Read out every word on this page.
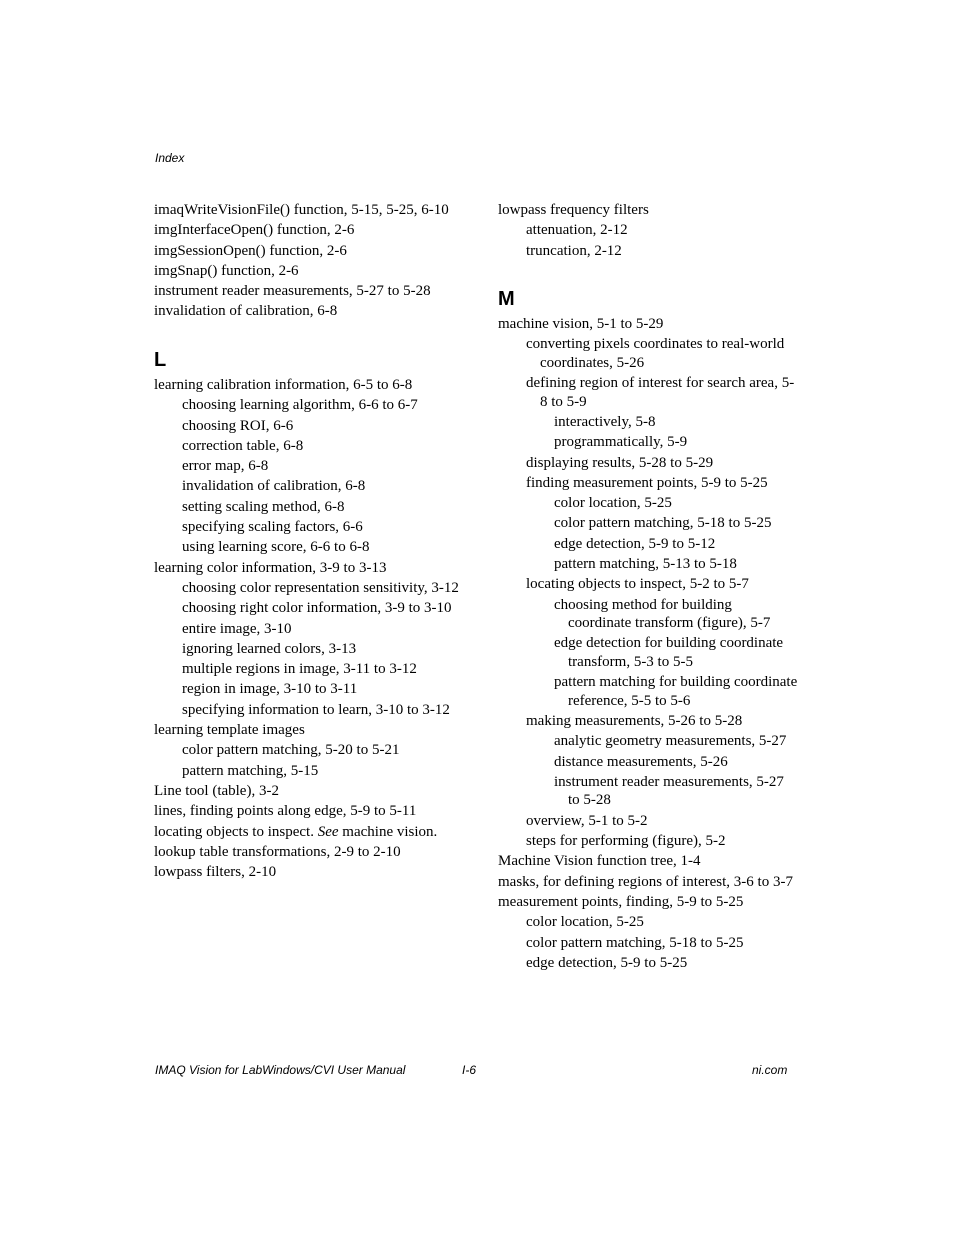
Index
imaqWriteVisionFile() function, 5-15, 5-25, 6-10
imgInterfaceOpen() function, 2-6
imgSessionOpen() function, 2-6
imgSnap() function, 2-6
instrument reader measurements, 5-27 to 5-28
invalidation of calibration, 6-8
L
learning calibration information, 6-5 to 6-8
choosing learning algorithm, 6-6 to 6-7
choosing ROI, 6-6
correction table, 6-8
error map, 6-8
invalidation of calibration, 6-8
setting scaling method, 6-8
specifying scaling factors, 6-6
using learning score, 6-6 to 6-8
learning color information, 3-9 to 3-13
choosing color representation sensitivity, 3-12
choosing right color information, 3-9 to 3-10
entire image, 3-10
ignoring learned colors, 3-13
multiple regions in image, 3-11 to 3-12
region in image, 3-10 to 3-11
specifying information to learn, 3-10 to 3-12
learning template images
color pattern matching, 5-20 to 5-21
pattern matching, 5-15
Line tool (table), 3-2
lines, finding points along edge, 5-9 to 5-11
locating objects to inspect. See machine vision.
lookup table transformations, 2-9 to 2-10
lowpass filters, 2-10
lowpass frequency filters
attenuation, 2-12
truncation, 2-12
M
machine vision, 5-1 to 5-29
converting pixels coordinates to real-world coordinates, 5-26
defining region of interest for search area, 5-8 to 5-9
interactively, 5-8
programmatically, 5-9
displaying results, 5-28 to 5-29
finding measurement points, 5-9 to 5-25
color location, 5-25
color pattern matching, 5-18 to 5-25
edge detection, 5-9 to 5-12
pattern matching, 5-13 to 5-18
locating objects to inspect, 5-2 to 5-7
choosing method for building coordinate transform (figure), 5-7
edge detection for building coordinate transform, 5-3 to 5-5
pattern matching for building coordinate reference, 5-5 to 5-6
making measurements, 5-26 to 5-28
analytic geometry measurements, 5-27
distance measurements, 5-26
instrument reader measurements, 5-27 to 5-28
overview, 5-1 to 5-2
steps for performing (figure), 5-2
Machine Vision function tree, 1-4
masks, for defining regions of interest, 3-6 to 3-7
measurement points, finding, 5-9 to 5-25
color location, 5-25
color pattern matching, 5-18 to 5-25
edge detection, 5-9 to 5-25
IMAQ Vision for LabWindows/CVI User Manual	I-6	ni.com
